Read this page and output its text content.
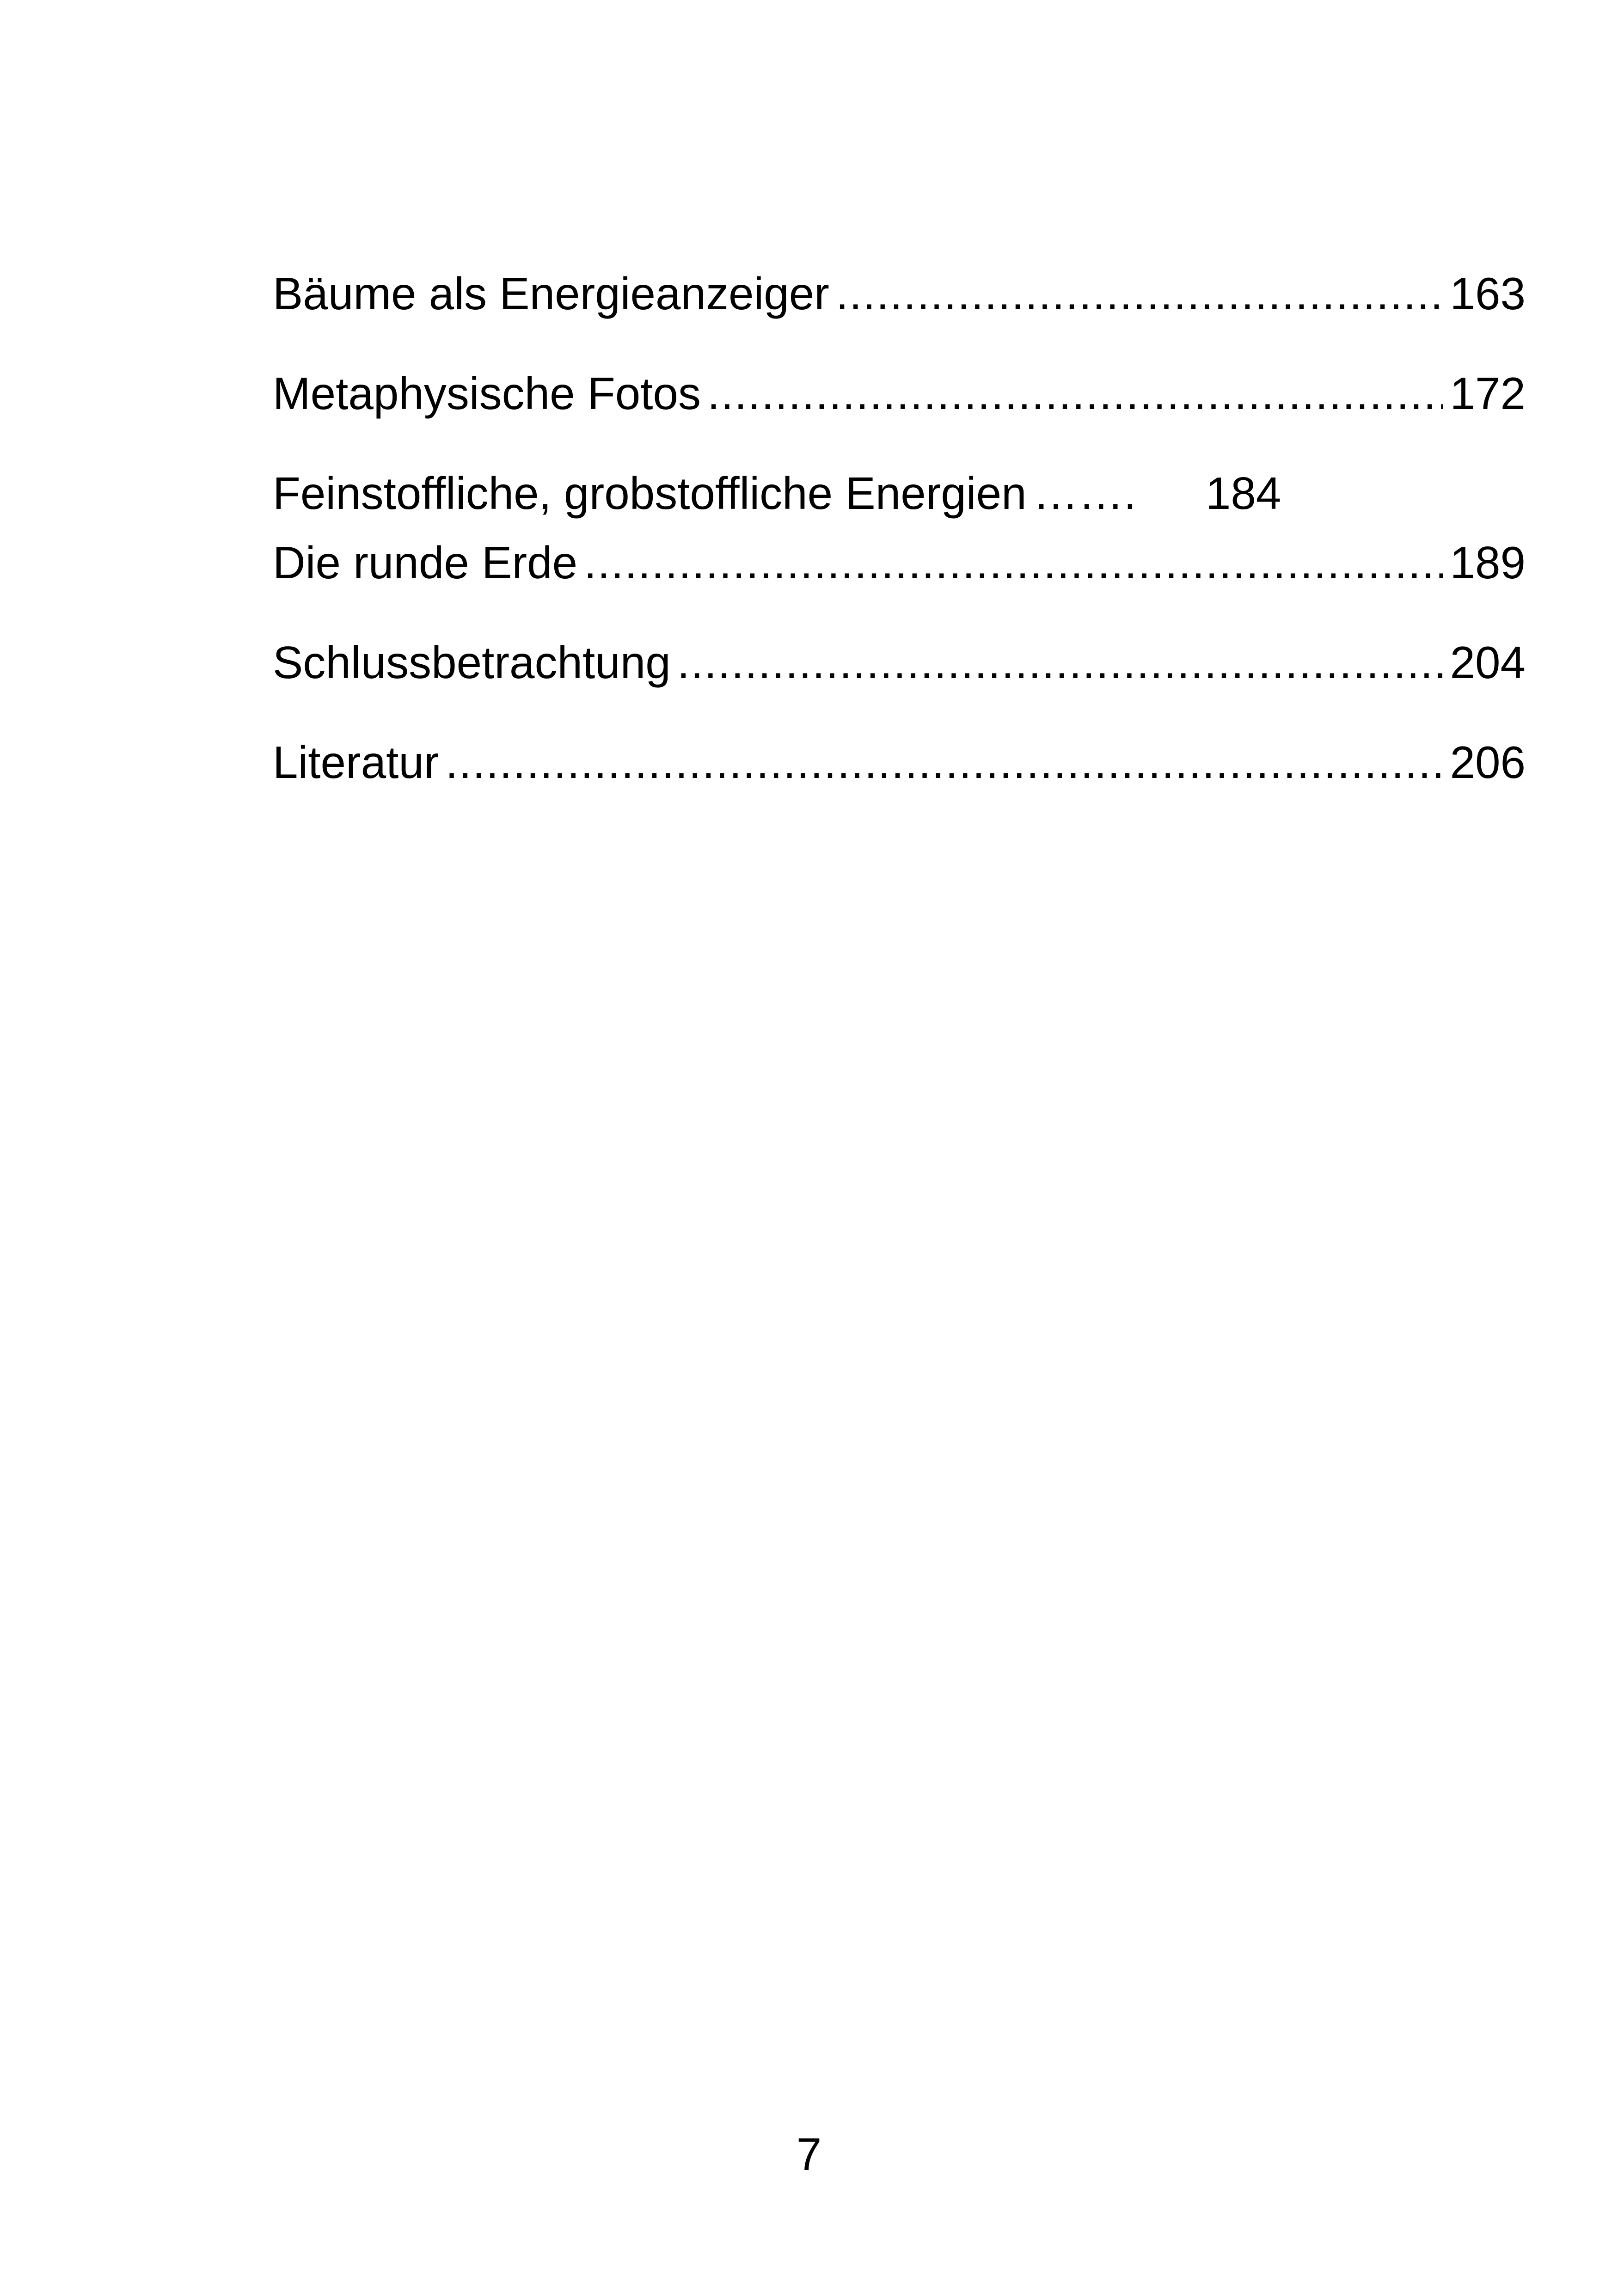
Bäume als Energieanzeiger .....	163
Metaphysische Fotos .....	172
Feinstoffliche, grobstoffliche Energien ……. 184
Die runde Erde .....	189
Schlussbetrachtung .....	204
Literatur .....	206
7
